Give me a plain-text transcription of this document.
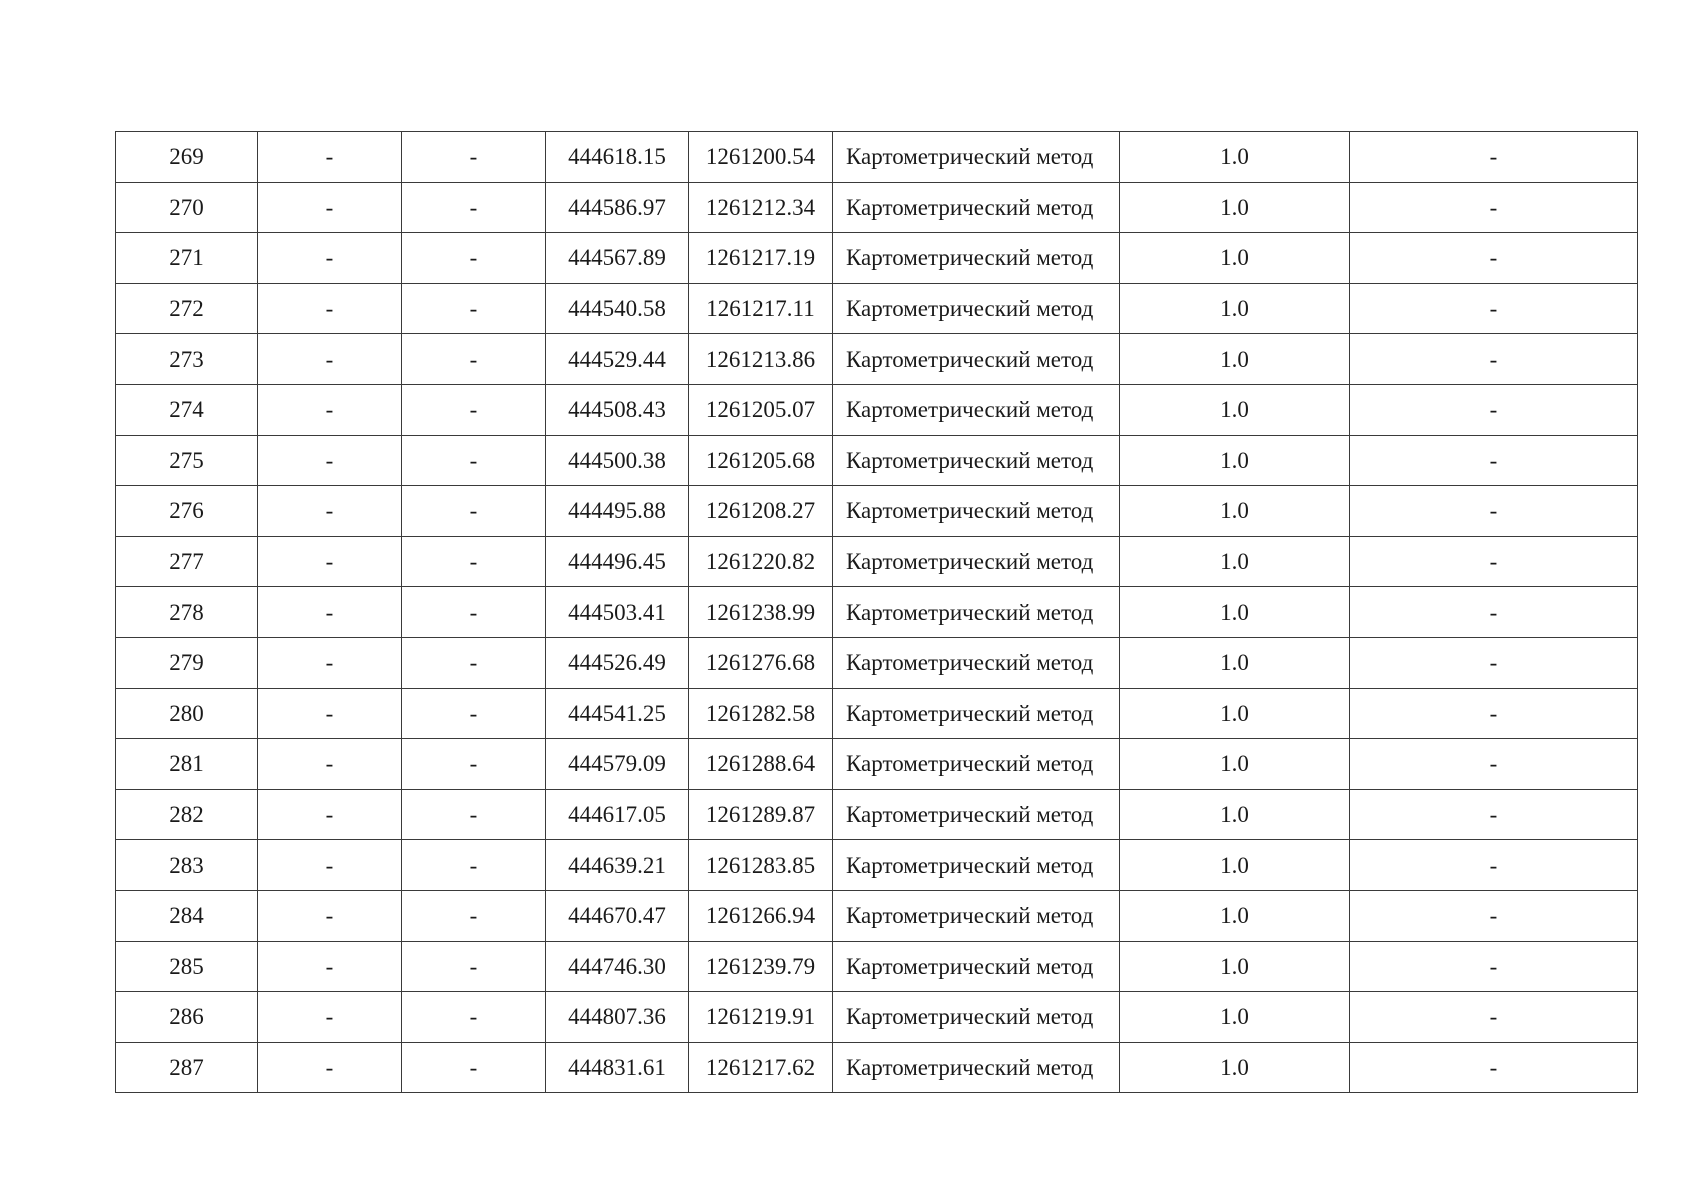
269	-	-	444618.15	1261200.54	Картометрический метод	1.0	-
270	-	-	444586.97	1261212.34	Картометрический метод	1.0	-
271	-	-	444567.89	1261217.19	Картометрический метод	1.0	-
272	-	-	444540.58	1261217.11	Картометрический метод	1.0	-
273	-	-	444529.44	1261213.86	Картометрический метод	1.0	-
274	-	-	444508.43	1261205.07	Картометрический метод	1.0	-
275	-	-	444500.38	1261205.68	Картометрический метод	1.0	-
276	-	-	444495.88	1261208.27	Картометрический метод	1.0	-
277	-	-	444496.45	1261220.82	Картометрический метод	1.0	-
278	-	-	444503.41	1261238.99	Картометрический метод	1.0	-
279	-	-	444526.49	1261276.68	Картометрический метод	1.0	-
280	-	-	444541.25	1261282.58	Картометрический метод	1.0	-
281	-	-	444579.09	1261288.64	Картометрический метод	1.0	-
282	-	-	444617.05	1261289.87	Картометрический метод	1.0	-
283	-	-	444639.21	1261283.85	Картометрический метод	1.0	-
284	-	-	444670.47	1261266.94	Картометрический метод	1.0	-
285	-	-	444746.30	1261239.79	Картометрический метод	1.0	-
286	-	-	444807.36	1261219.91	Картометрический метод	1.0	-
287	-	-	444831.61	1261217.62	Картометрический метод	1.0	-
